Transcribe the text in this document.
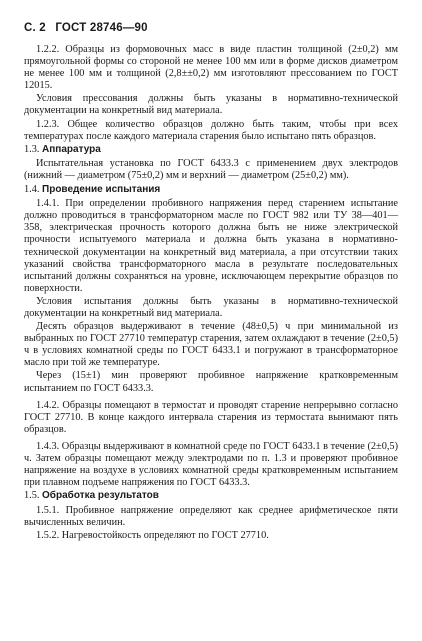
С. 2 ГОСТ 28746—90

1.2.2. Образцы из формовочных масс в виде пластин толщиной (2±0,2) мм прямоугольной формы со стороной не менее 100 мм или в форме дисков диаметром не менее 100 мм и толщиной (2,8±±0,2) мм изготовляют прессованием по ГОСТ 12015.

Условия прессования должны быть указаны в нормативно-технической документации на конкретный вид материала.

1.2.3. Общее количество образцов должно быть таким, чтобы при всех температурах после каждого материала старения было испытано пять образцов.

1.3. Аппаратура

Испытательная установка по ГОСТ 6433.3 с применением двух электродов (нижний — диаметром (75±0,2) мм и верхний — диаметром (25±0,2) мм).

1.4. Проведение испытания

1.4.1. При определении пробивного напряжения перед старением испытание должно проводиться в трансформаторном масле по ГОСТ 982 или ТУ 38—401—358, электрическая прочность которого должна быть не ниже электрической прочности испытуемого материала и должна быть указана в нормативно-технической документации на конкретный вид материала, а при отсутствии таких указаний свойства трансформаторного масла в результате последовательных испытаний должны сохраняться на уровне, исключающем перекрытие образцов по поверхности.

Условия испытания должны быть указаны в нормативно-технической документации на конкретный вид материала.

Десять образцов выдерживают в течение (48±0,5) ч при минимальной из выбранных по ГОСТ 27710 температур старения, затем охлаждают в течение (2±0,5) ч в условиях комнатной среды по ГОСТ 6433.1 и погружают в трансформаторное масло при той же температуре.

Через (15±1) мин проверяют пробивное напряжение кратковременным испытанием по ГОСТ 6433.3.

1.4.2. Образцы помещают в термостат и проводят старение непрерывно согласно ГОСТ 27710. В конце каждого интервала старения из термостата вынимают пять образцов.

1.4.3. Образцы выдерживают в комнатной среде по ГОСТ 6433.1 в течение (2±0,5) ч. Затем образцы помещают между электродами по п. 1.3 и проверяют пробивное напряжение на воздухе в условиях комнатной среды кратковременным испытанием при плавном подъеме напряжения по ГОСТ 6433.3.

1.5. Обработка результатов

1.5.1. Пробивное напряжение определяют как среднее арифметическое пяти вычисленных величин.

1.5.2. Нагревостойкость определяют по ГОСТ 27710.
